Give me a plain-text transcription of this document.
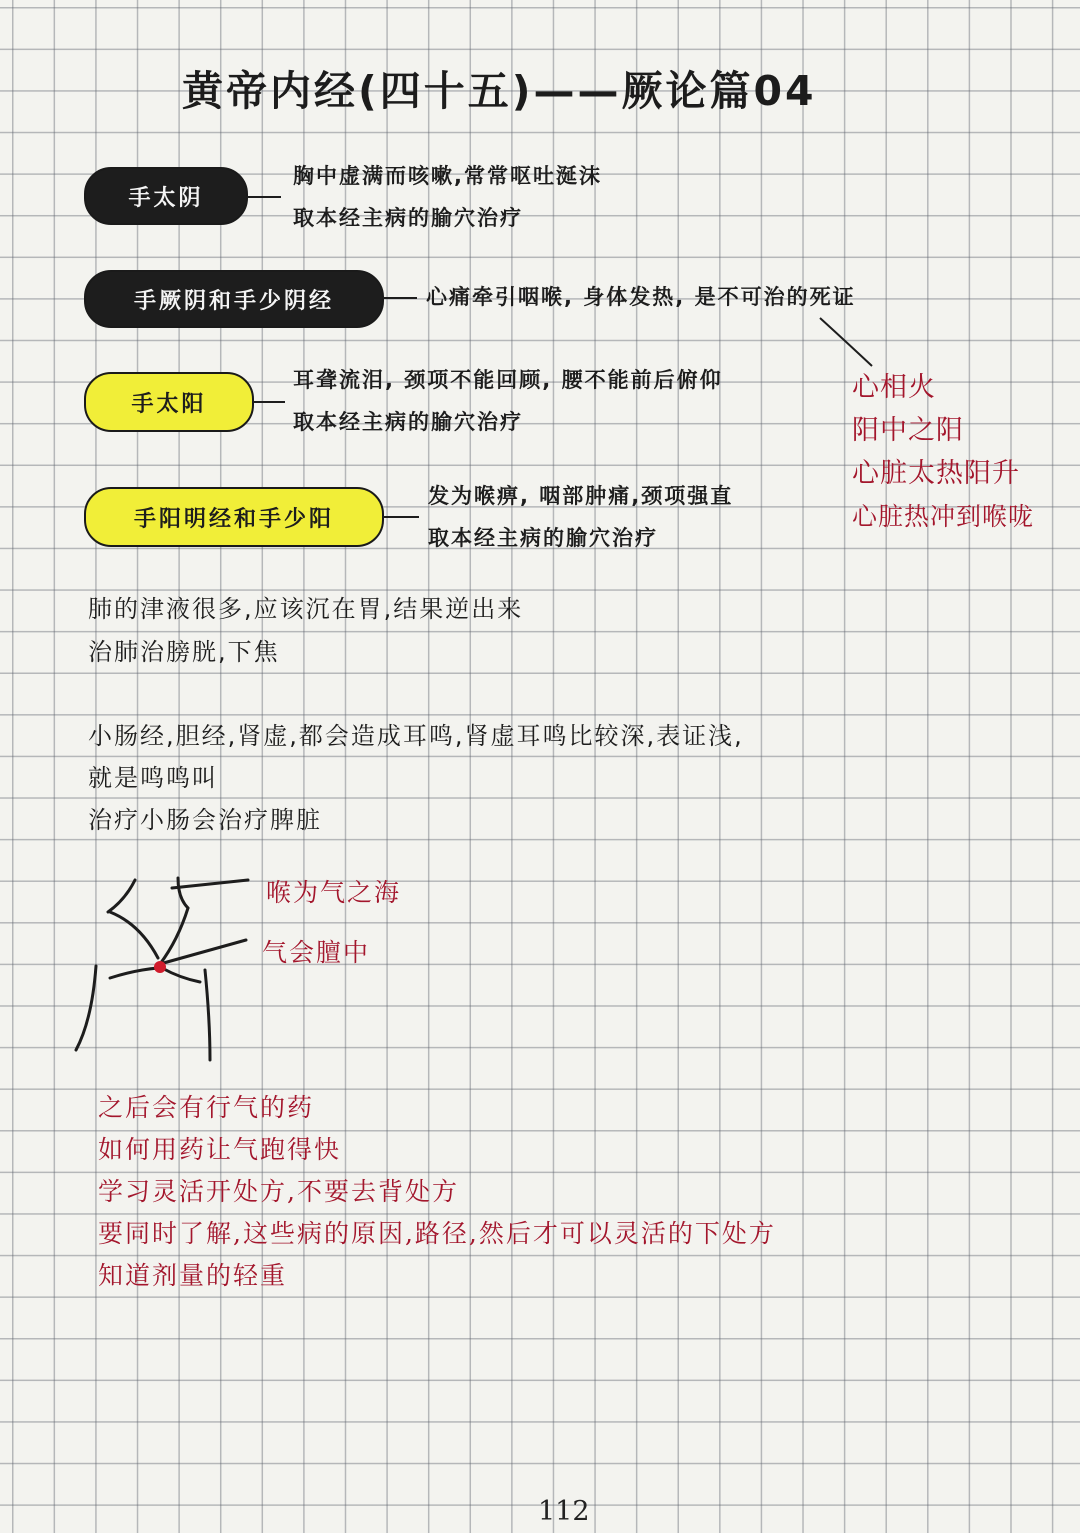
黄帝内经(四十五)——厥论篇04
手太阴
胸中虚满而咳嗽,常常呕吐涎沫
取本经主病的腧穴治疗
手厥阴和手少阴经	心痛牵引咽喉, 身体发热, 是不可治的死证
手太阳
耳聋流泪, 颈项不能回顾, 腰不能前后俯仰
取本经主病的腧穴治疗
手阳明经和手少阳
发为喉痹, 咽部肿痛,颈项强直
取本经主病的腧穴治疗
心相火
阳中之阳
心脏太热阳升
心脏热冲到喉咙
肺的津液很多,应该沉在胃,结果逆出来
治肺治膀胱,下焦
小肠经,胆经,肾虚,都会造成耳鸣,肾虚耳鸣比较深,表证浅,
就是鸣鸣叫
治疗小肠会治疗脾脏
喉为气之海
气会膻中
之后会有行气的药
如何用药让气跑得快
学习灵活开处方,不要去背处方
要同时了解,这些病的原因,路径,然后才可以灵活的下处方
知道剂量的轻重
112
